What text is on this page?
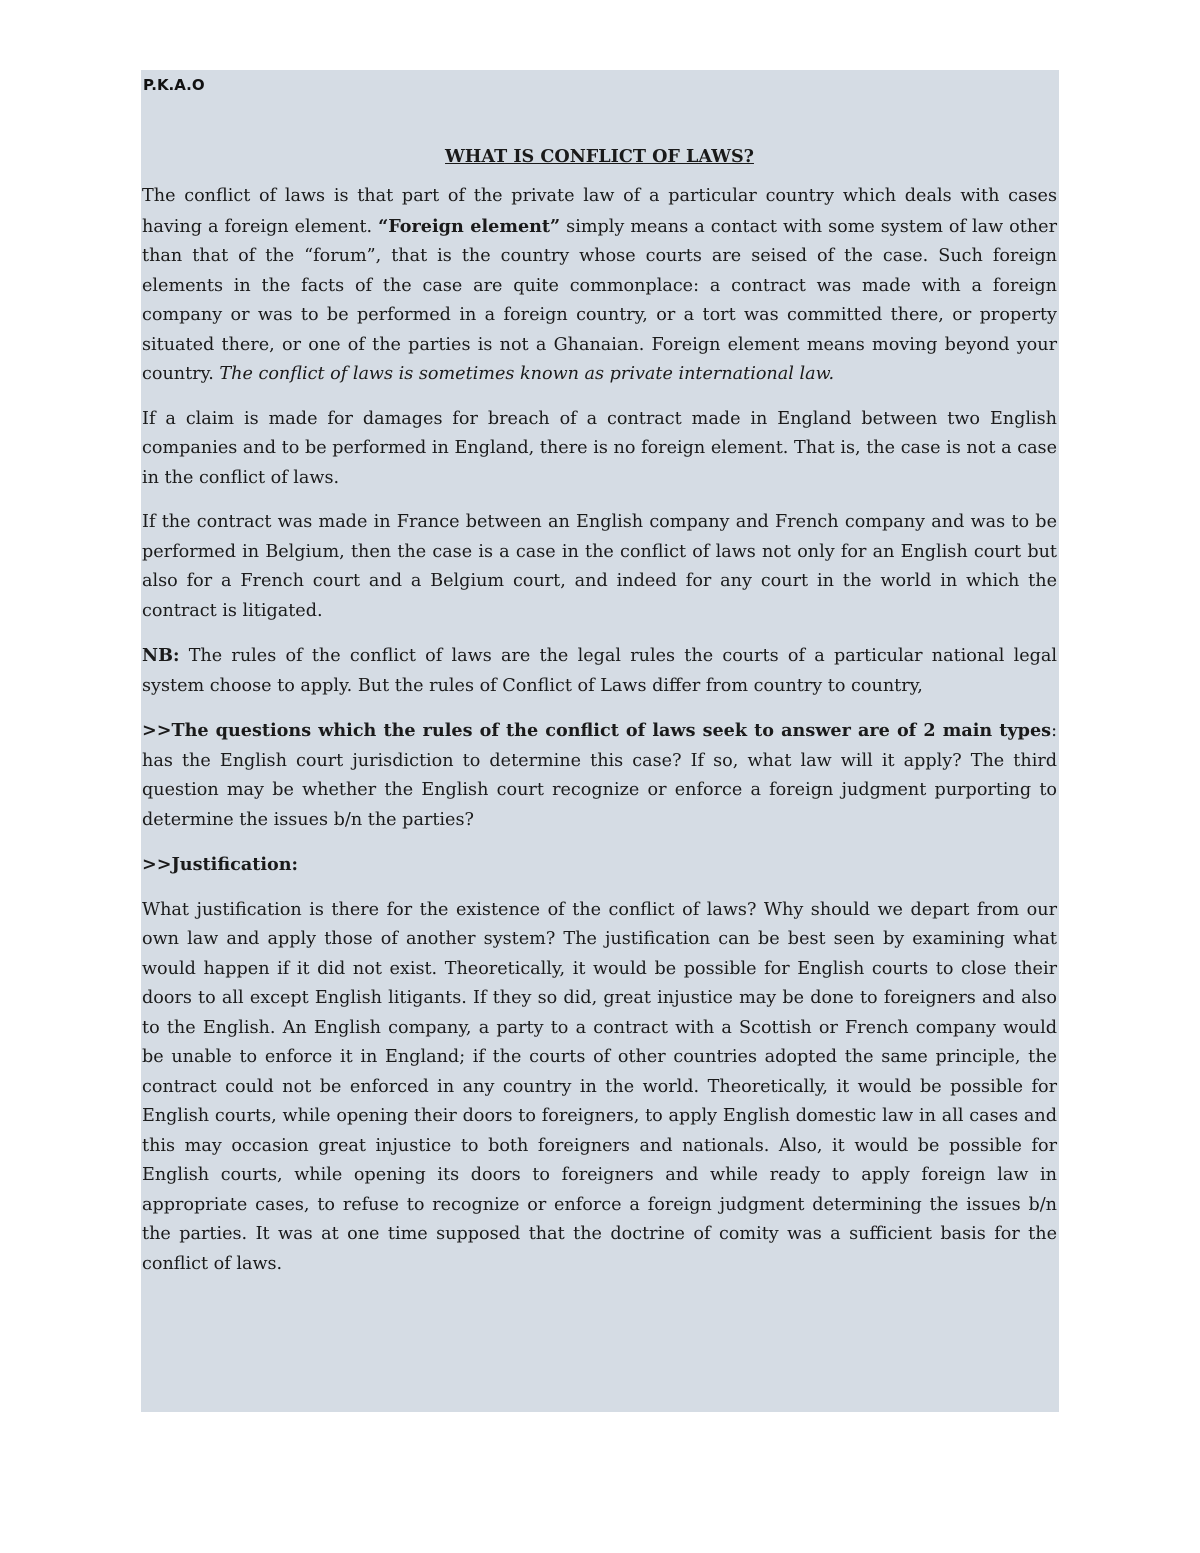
P.K.A.O

WHAT IS CONFLICT OF LAWS?

The conflict of laws is that part of the private law of a particular country which deals with cases having a foreign element. “Foreign element” simply means a contact with some system of law other than that of the “forum”, that is the country whose courts are seised of the case. Such foreign elements in the facts of the case are quite commonplace: a contract was made with a foreign company or was to be performed in a foreign country, or a tort was committed there, or property situated there, or one of the parties is not a Ghanaian. Foreign element means moving beyond your country. The conflict of laws is sometimes known as private international law.

If a claim is made for damages for breach of a contract made in England between two English companies and to be performed in England, there is no foreign element. That is, the case is not a case in the conflict of laws.

If the contract was made in France between an English company and French company and was to be performed in Belgium, then the case is a case in the conflict of laws not only for an English court but also for a French court and a Belgium court, and indeed for any court in the world in which the contract is litigated.

NB: The rules of the conflict of laws are the legal rules the courts of a particular national legal system choose to apply. But the rules of Conflict of Laws differ from country to country,

>>The questions which the rules of the conflict of laws seek to answer are of 2 main types: has the English court jurisdiction to determine this case? If so, what law will it apply? The third question may be whether the English court recognize or enforce a foreign judgment purporting to determine the issues b/n the parties?

>>Justification:

What justification is there for the existence of the conflict of laws? Why should we depart from our own law and apply those of another system? The justification can be best seen by examining what would happen if it did not exist. Theoretically, it would be possible for English courts to close their doors to all except English litigants. If they so did, great injustice may be done to foreigners and also to the English. An English company, a party to a contract with a Scottish or French company would be unable to enforce it in England; if the courts of other countries adopted the same principle, the contract could not be enforced in any country in the world. Theoretically, it would be possible for English courts, while opening their doors to foreigners, to apply English domestic law in all cases and this may occasion great injustice to both foreigners and nationals. Also, it would be possible for English courts, while opening its doors to foreigners and while ready to apply foreign law in appropriate cases, to refuse to recognize or enforce a foreign judgment determining the issues b/n the parties. It was at one time supposed that the doctrine of comity was a sufficient basis for the conflict of laws.
